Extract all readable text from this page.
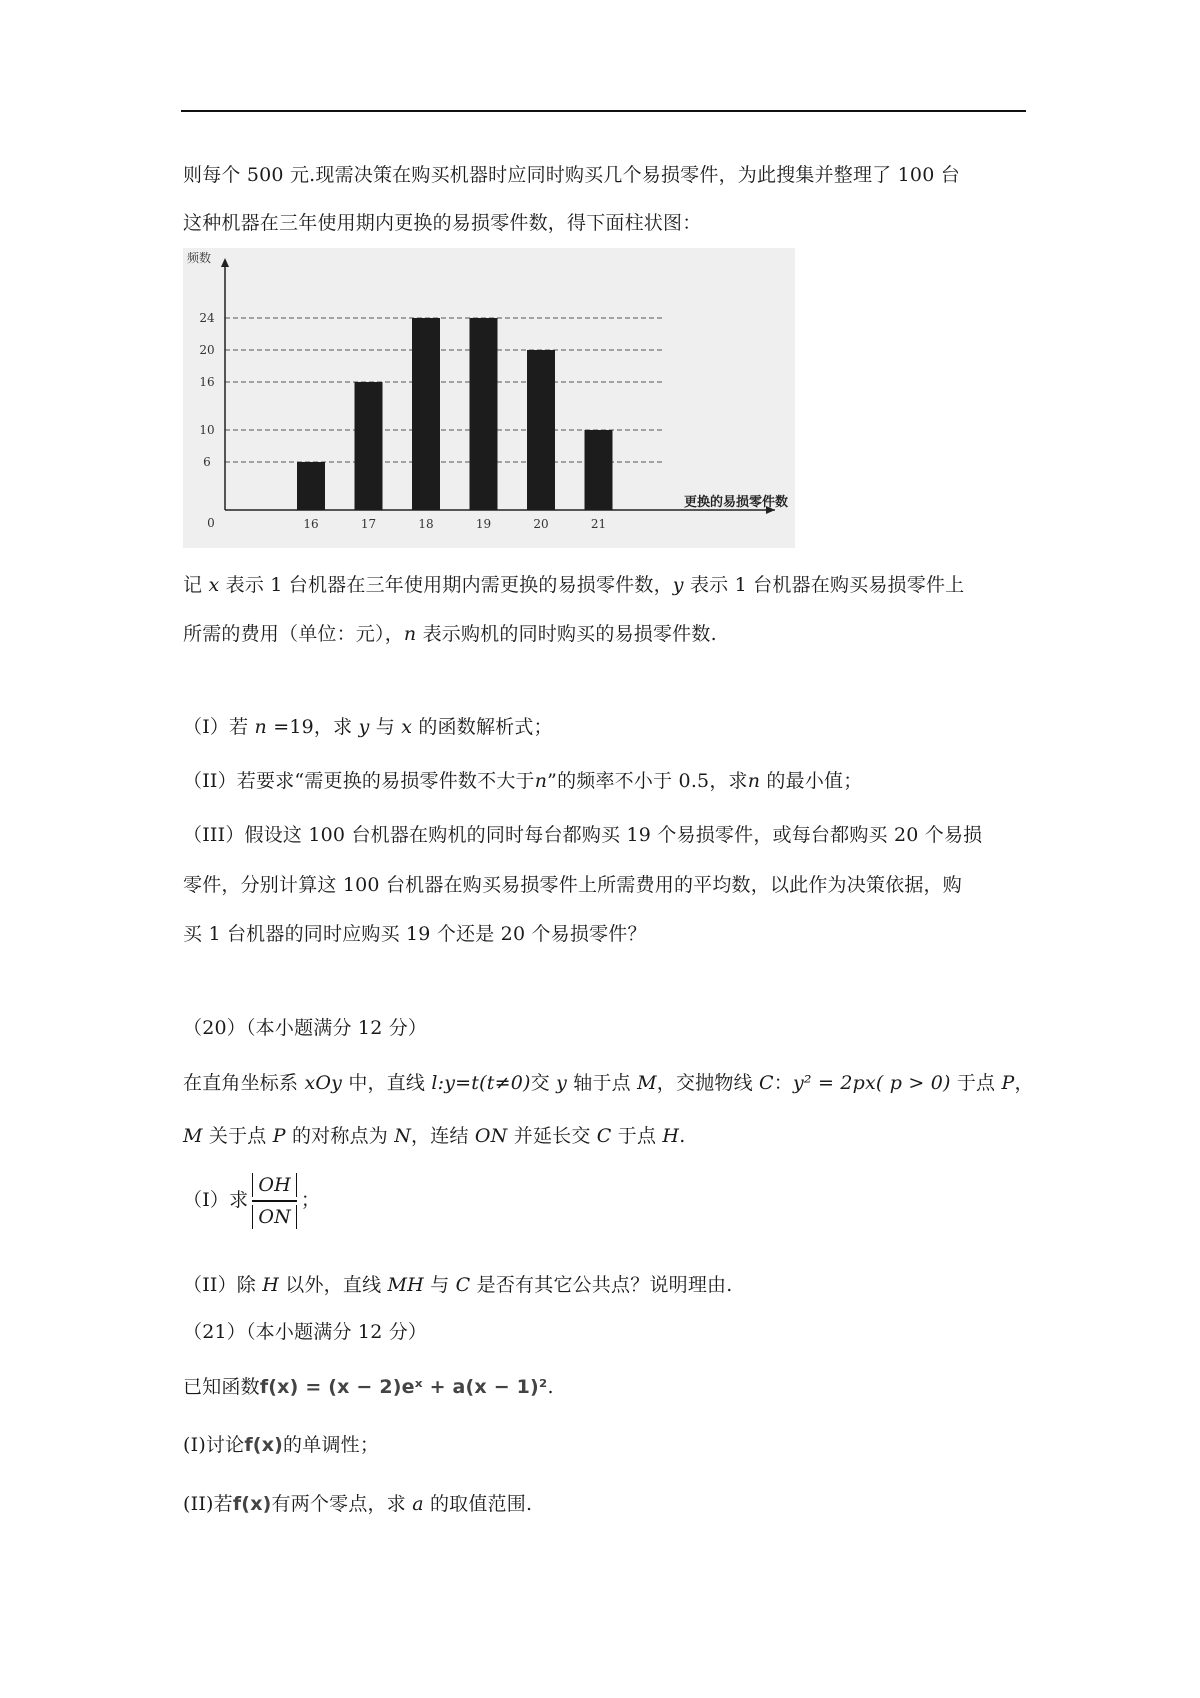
则每个 500 元.现需决策在购买机器时应同时购买几个易损零件，为此搜集并整理了 100 台
这种机器在三年使用期内更换的易损零件数，得下面柱状图：
0
6
10
16
20
24
16	17	18	19	20	21
频数
更换的易损零件数
记 x 表示 1 台机器在三年使用期内需更换的易损零件数，y 表示 1 台机器在购买易损零件上
所需的费用（单位：元），n 表示购机的同时购买的易损零件数.
（I）若 n =19，求 y 与 x 的函数解析式；
（II）若要求“需更换的易损零件数不大于n”的频率不小于 0.5，求n 的最小值；
（III）假设这 100 台机器在购机的同时每台都购买 19 个易损零件，或每台都购买 20 个易损
零件，分别计算这 100 台机器在购买易损零件上所需费用的平均数，以此作为决策依据，购
买 1 台机器的同时应购买 19 个还是 20 个易损零件？
（20）（本小题满分 12 分）
在直角坐标系 xOy 中，直线 l:y=t(t≠0)交 y 轴于点 M，交抛物线 C：y² = 2px( p > 0) 于点 P，
M 关于点 P 的对称点为 N，连结 ON 并延长交 C 于点 H.
（I）求 $\frac{OH}{ON}$ ；
（II）除 H 以外，直线 MH 与 C 是否有其它公共点？说明理由.
（21）（本小题满分 12 分）
已知函数f(x) = (x − 2)eˣ + a(x − 1)².
(I)讨论f(x)的单调性；
(II)若f(x)有两个零点，求 a 的取值范围.
